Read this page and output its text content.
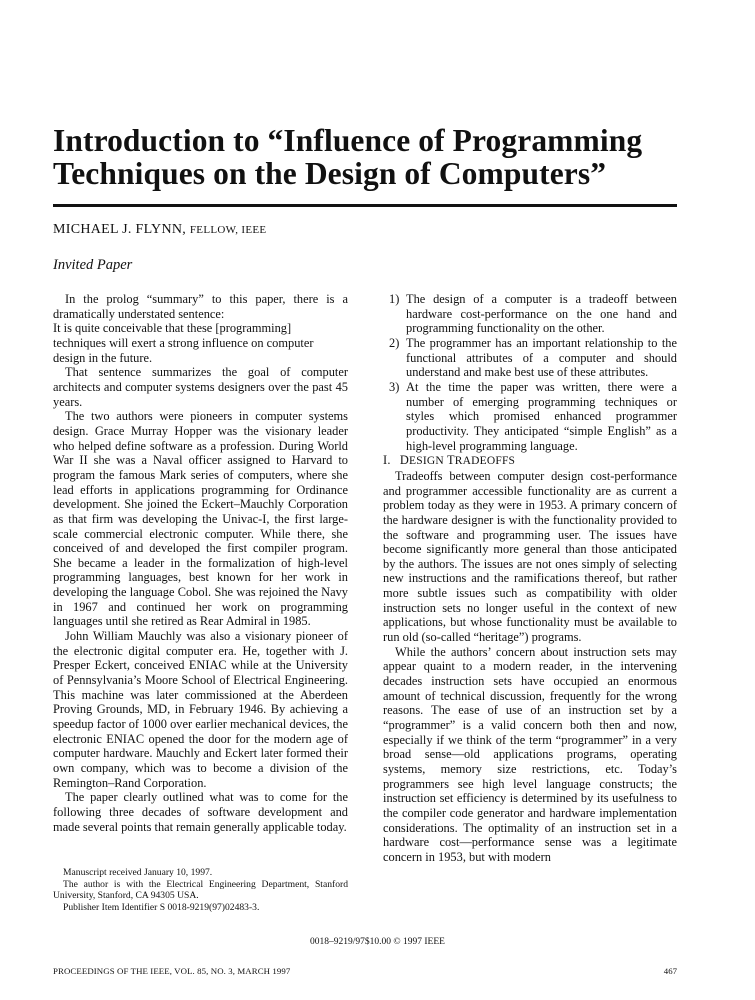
Introduction to “Influence of Programming
Techniques on the Design of Computers”
MICHAEL J. FLYNN, FELLOW, IEEE
Invited Paper

In the prolog “summary” to this paper, there is a dramatically understated sentence:

It is quite conceivable that these [programming] techniques will exert a strong influence on computer design in the future.

That sentence summarizes the goal of computer architects and computer systems designers over the past 45 years.

The two authors were pioneers in computer systems design. Grace Murray Hopper was the visionary leader who helped define software as a profession. During World War II she was a Naval officer assigned to Harvard to program the famous Mark series of computers, where she lead efforts in applications programming for Ordinance development. She joined the Eckert–Mauchly Corporation as that firm was developing the Univac-I, the first large-scale commercial electronic computer. While there, she conceived of and developed the first compiler program. She became a leader in the formalization of high-level programming languages, best known for her work in developing the language Cobol. She was rejoined the Navy in 1967 and continued her work on programming languages until she retired as Rear Admiral in 1985.

John William Mauchly was also a visionary pioneer of the electronic digital computer era. He, together with J. Presper Eckert, conceived ENIAC while at the University of Pennsylvania’s Moore School of Electrical Engineering. This machine was later commissioned at the Aberdeen Proving Grounds, MD, in February 1946. By achieving a speedup factor of 1000 over earlier mechanical devices, the electronic ENIAC opened the door for the modern age of computer hardware. Mauchly and Eckert later formed their own company, which was to become a division of the Remington–Rand Corporation.

The paper clearly outlined what was to come for the following three decades of software development and made several points that remain generally applicable today.

Manuscript received January 10, 1997.

The author is with the Electrical Engineering Department, Stanford University, Stanford, CA 94305 USA.

Publisher Item Identifier S 0018-9219(97)02483-3.

1) The design of a computer is a tradeoff between hardware cost-performance on the one hand and programming functionality on the other.
2) The programmer has an important relationship to the functional attributes of a computer and should understand and make best use of these attributes.
3) At the time the paper was written, there were a number of emerging programming techniques or styles which promised enhanced programmer productivity. They anticipated “simple English” as a high-level programming language.

I. DESIGN TRADEOFFS

Tradeoffs between computer design cost-performance and programmer accessible functionality are as current a problem today as they were in 1953. A primary concern of the hardware designer is with the functionality provided to the software and programming user. The issues have become significantly more general than those anticipated by the authors. The issues are not ones simply of selecting new instructions and the ramifications thereof, but rather more subtle issues such as compatibility with older instruction sets no longer useful in the context of new applications, but whose functionality must be available to run old (so-called “heritage”) programs.

While the authors’ concern about instruction sets may appear quaint to a modern reader, in the intervening decades instruction sets have occupied an enormous amount of technical discussion, frequently for the wrong reasons. The ease of use of an instruction set by a “programmer” is a valid concern both then and now, especially if we think of the term “programmer” in a very broad sense—old applications programs, operating systems, memory size restrictions, etc. Today’s programmers see high level language constructs; the instruction set efficiency is determined by its usefulness to the compiler code generator and hardware implementation considerations. The optimality of an instruction set in a hardware cost—performance sense was a legitimate concern in 1953, but with modern

0018–9219/97$10.00 © 1997 IEEE
PROCEEDINGS OF THE IEEE, VOL. 85, NO. 3, MARCH 1997	467
